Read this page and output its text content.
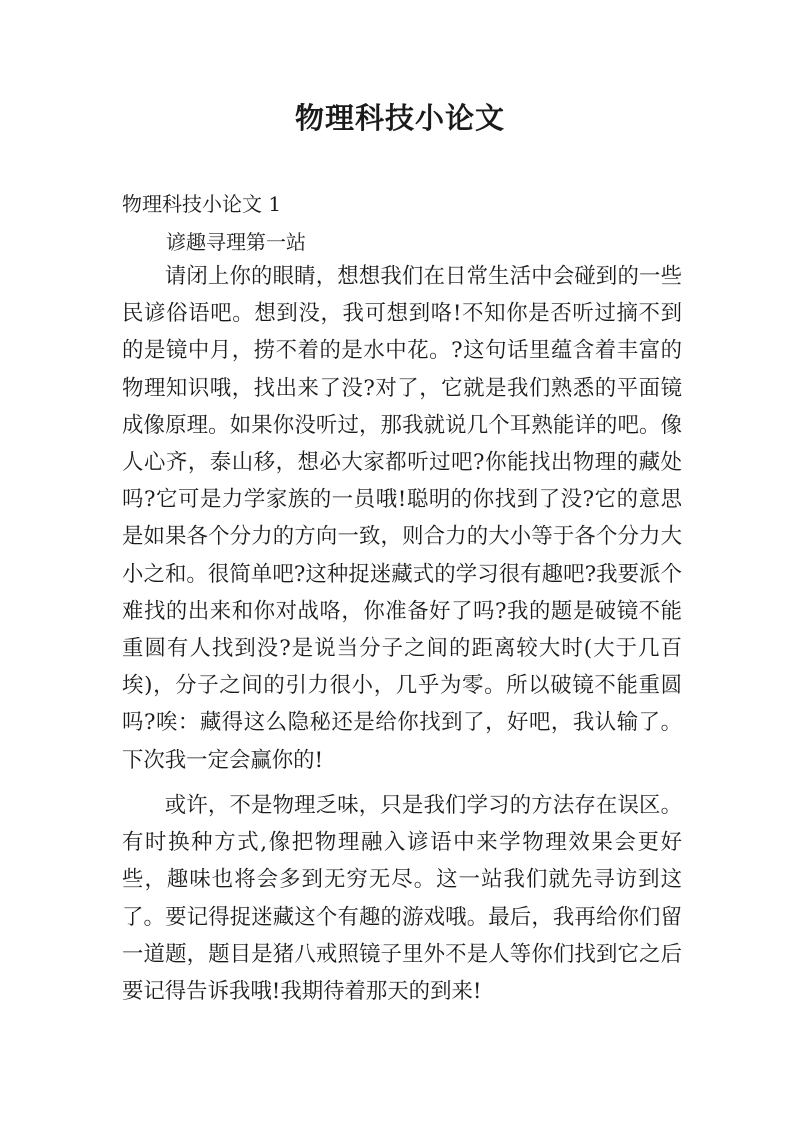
物理科技小论文

物理科技小论文 1

谚趣寻理第一站

请闭上你的眼睛，想想我们在日常生活中会碰到的一些民谚俗语吧。想到没，我可想到咯!不知你是否听过摘不到的是镜中月，捞不着的是水中花。?这句话里蕴含着丰富的物理知识哦，找出来了没?对了，它就是我们熟悉的平面镜成像原理。如果你没听过，那我就说几个耳熟能详的吧。像人心齐，泰山移，想必大家都听过吧?你能找出物理的藏处吗?它可是力学家族的一员哦!聪明的你找到了没?它的意思是如果各个分力的方向一致，则合力的大小等于各个分力大小之和。很简单吧?这种捉迷藏式的学习很有趣吧?我要派个难找的出来和你对战咯，你准备好了吗?我的题是破镜不能重圆有人找到没?是说当分子之间的距离较大时(大于几百埃)，分子之间的引力很小，几乎为零。所以破镜不能重圆吗?唉：藏得这么隐秘还是给你找到了，好吧，我认输了。下次我一定会赢你的!

或许，不是物理乏味，只是我们学习的方法存在误区。有时换种方式,像把物理融入谚语中来学物理效果会更好些，趣味也将会多到无穷无尽。这一站我们就先寻访到这了。要记得捉迷藏这个有趣的游戏哦。最后，我再给你们留一道题，题目是猪八戒照镜子里外不是人等你们找到它之后要记得告诉我哦!我期待着那天的到来!
